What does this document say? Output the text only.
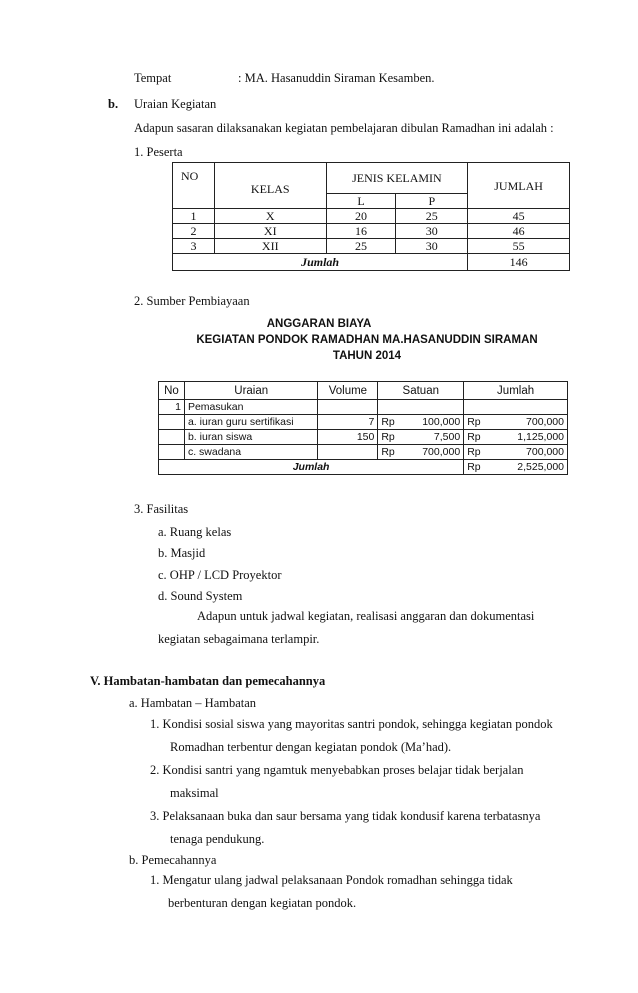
Tempat	: MA. Hasanuddin Siraman Kesamben.
b. Uraian Kegiatan
Adapun sasaran dilaksanakan kegiatan pembelajaran dibulan Ramadhan ini adalah :
1. Peserta
NO	KELAS	JENIS KELAMIN		JUMLAH
		L	P	
1	X	20	25	45
2	XI	16	30	46
3	XII	25	30	55
Jumlah				146
2. Sumber Pembiayaan
ANGGARAN BIAYA
KEGIATAN PONDOK RAMADHAN MA.HASANUDDIN SIRAMAN
TAHUN 2014
No	Uraian	Volume	Satuan		Jumlah	
1	Pemasukan					
	a. iuran guru sertifikasi	7	Rp	100,000	Rp	700,000
	b. iuran siswa	150	Rp	7,500	Rp	1,125,000
	c. swadana		Rp	700,000	Rp	700,000
Jumlah					Rp	2,525,000
3. Fasilitas
a. Ruang kelas
b. Masjid
c. OHP / LCD Proyektor
d. Sound System
Adapun untuk jadwal kegiatan, realisasi anggaran dan dokumentasi
kegiatan sebagaimana terlampir.
V. Hambatan-hambatan dan pemecahannya
a. Hambatan – Hambatan
1. Kondisi sosial siswa yang mayoritas santri pondok, sehingga kegiatan pondok
Romadhan terbentur dengan kegiatan pondok (Ma’had).
2. Kondisi santri yang ngamtuk menyebabkan proses belajar tidak berjalan
maksimal
3. Pelaksanaan buka dan saur bersama yang tidak kondusif karena terbatasnya
tenaga pendukung.
b. Pemecahannya
1. Mengatur ulang jadwal pelaksanaan Pondok romadhan sehingga tidak
berbenturan dengan kegiatan pondok.
